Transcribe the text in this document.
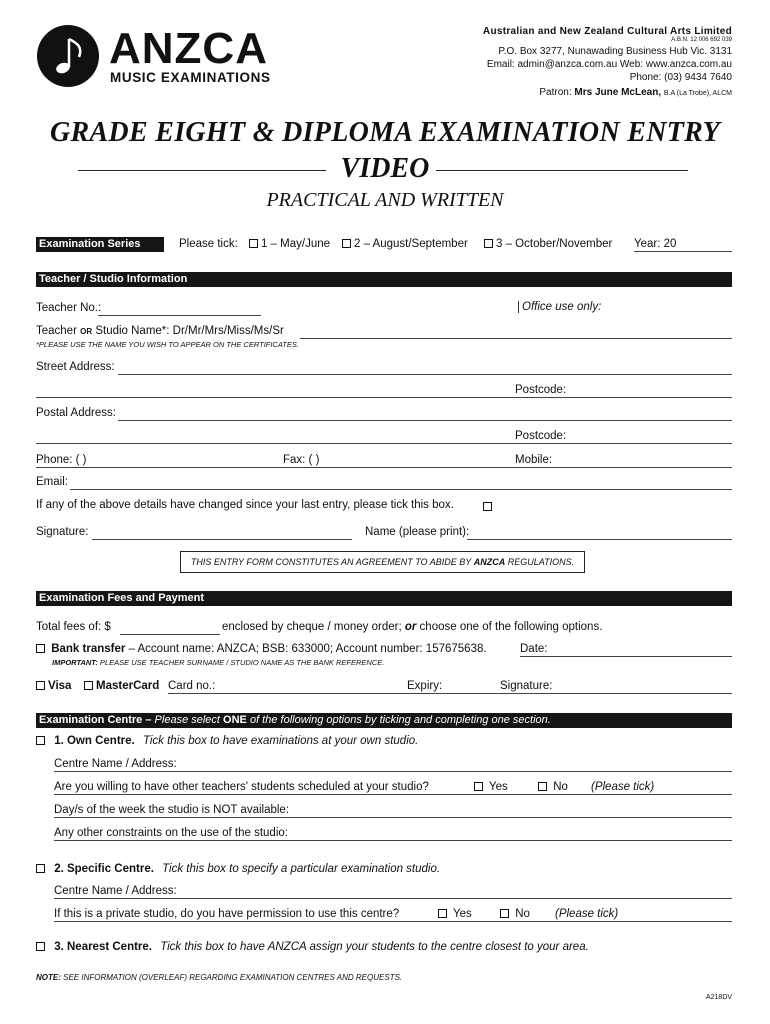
ANZCA
MUSIC EXAMINATIONS
Australian and New Zealand Cultural Arts Limited
A.B.N. 12 006 692 039
P.O. Box 3277, Nunawading Business Hub Vic. 3131
Email: admin@anzca.com.au Web: www.anzca.com.au
Phone: (03) 9434 7640
Patron: Mrs June McLean, B.A (La Trobe), ALCM
GRADE EIGHT & DIPLOMA EXAMINATION ENTRY
VIDEO
PRACTICAL AND WRITTEN
Examination Series	Please tick:	1 – May/June	2 – August/September	3 – October/November Year: 20
Teacher / Studio Information
Teacher No.:	Office use only:
Teacher OR Studio Name*: Dr/Mr/Mrs/Miss/Ms/Sr
*PLEASE USE THE NAME YOU WISH TO APPEAR ON THE CERTIFICATES.
Street Address:
Postcode:
Postal Address:
Postcode:
Phone: ( )	Fax: ( )	Mobile:
Email:
If any of the above details have changed since your last entry, please tick this box.
Signature:	Name (please print):
THIS ENTRY FORM CONSTITUTES AN AGREEMENT TO ABIDE BY ANZCA REGULATIONS.
Examination Fees and Payment
Total fees of: $	enclosed by cheque / money order; or choose one of the following options.
Bank transfer – Account name: ANZCA; BSB: 633000; Account number: 157675638.	Date:
IMPORTANT: PLEASE USE TEACHER SURNAME / STUDIO NAME AS THE BANK REFERENCE.
Visa	MasterCard Card no.:	Expiry:	Signature:
Examination Centre – Please select ONE of the following options by ticking and completing one section.
1. Own Centre. Tick this box to have examinations at your own studio.
Centre Name / Address:
Are you willing to have other teachers' students scheduled at your studio?	Yes	No (Please tick)
Day/s of the week the studio is NOT available:
Any other constraints on the use of the studio:
2. Specific Centre. Tick this box to specify a particular examination studio.
Centre Name / Address:
If this is a private studio, do you have permission to use this centre?	Yes	No (Please tick)
3. Nearest Centre. Tick this box to have ANZCA assign your students to the centre closest to your area.
NOTE: SEE INFORMATION (OVERLEAF) REGARDING EXAMINATION CENTRES AND REQUESTS.
A218DV
